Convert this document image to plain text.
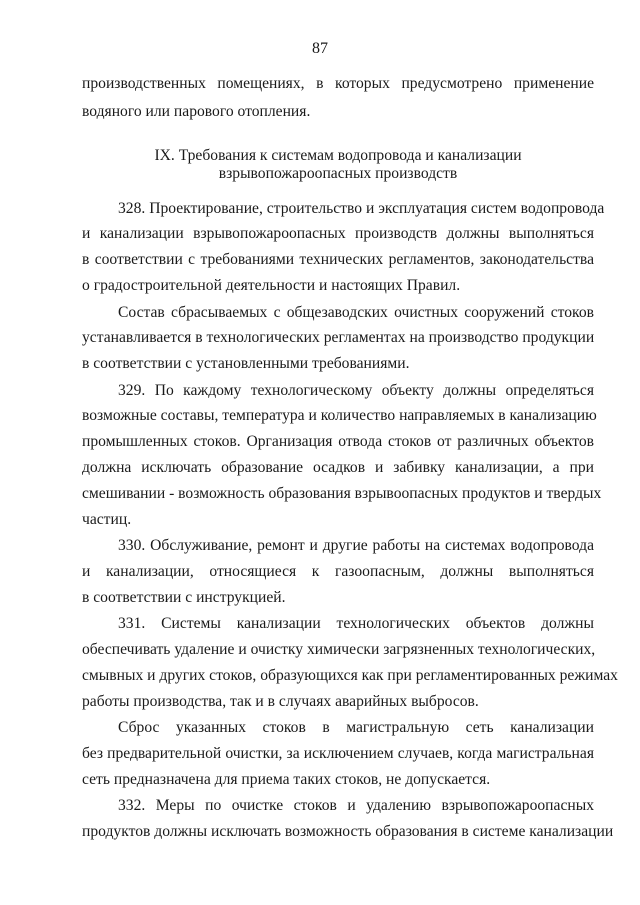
87
производственных помещениях, в которых предусмотрено применение
водяного или парового отопления.
IX. Требования к системам водопровода и канализации
взрывопожароопасных производств
328. Проектирование, строительство и эксплуатация систем водопровода
и канализации взрывопожароопасных производств должны выполняться
в соответствии с требованиями технических регламентов, законодательства
о градостроительной деятельности и настоящих Правил.
Состав сбрасываемых с общезаводских очистных сооружений стоков
устанавливается в технологических регламентах на производство продукции
в соответствии с установленными требованиями.
329. По каждому технологическому объекту должны определяться
возможные составы, температура и количество направляемых в канализацию
промышленных стоков. Организация отвода стоков от различных объектов
должна исключать образование осадков и забивку канализации, а при
смешивании - возможность образования взрывоопасных продуктов и твердых
частиц.
330. Обслуживание, ремонт и другие работы на системах водопровода
и канализации, относящиеся к газоопасным, должны выполняться
в соответствии с инструкцией.
331. Системы канализации технологических объектов должны
обеспечивать удаление и очистку химически загрязненных технологических,
смывных и других стоков, образующихся как при регламентированных режимах
работы производства, так и в случаях аварийных выбросов.
Сброс указанных стоков в магистральную сеть канализации
без предварительной очистки, за исключением случаев, когда магистральная
сеть предназначена для приема таких стоков, не допускается.
332. Меры по очистке стоков и удалению взрывопожароопасных
продуктов должны исключать возможность образования в системе канализации
